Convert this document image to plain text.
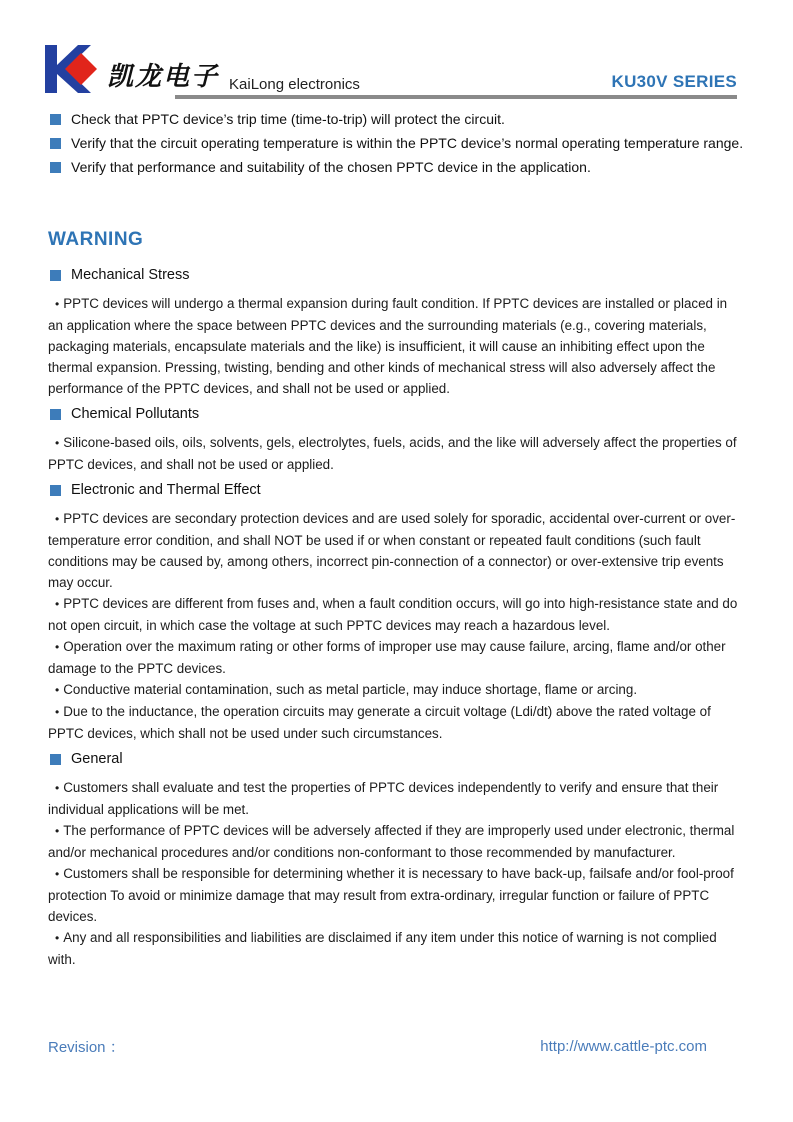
凯龙电子 KaiLong electronics	KU30V SERIES
Check that PPTC device’s trip time (time-to-trip) will protect the circuit.
Verify that the circuit operating temperature is within the PPTC device’s normal operating temperature range.
Verify that performance and suitability of the chosen PPTC device in the application.
WARNING
Mechanical Stress

• PPTC devices will undergo a thermal expansion during fault condition. If PPTC devices are installed or placed in an application where the space between PPTC devices and the surrounding materials (e.g., covering materials, packaging materials, encapsulate materials and the like) is insufficient, it will cause an inhibiting effect upon the thermal expansion. Pressing, twisting, bending and other kinds of mechanical stress will also adversely affect the performance of the PPTC devices, and shall not be used or applied.

Chemical Pollutants

• Silicone-based oils, oils, solvents, gels, electrolytes, fuels, acids, and the like will adversely affect the properties of PPTC devices, and shall not be used or applied.

Electronic and Thermal Effect

• PPTC devices are secondary protection devices and are used solely for sporadic, accidental over-current or over-temperature error condition, and shall NOT be used if or when constant or repeated fault conditions (such fault conditions may be caused by, among others, incorrect pin-connection of a connector) or over-extensive trip events may occur.

• PPTC devices are different from fuses and, when a fault condition occurs, will go into high-resistance state and do not open circuit, in which case the voltage at such PPTC devices may reach a hazardous level.

• Operation over the maximum rating or other forms of improper use may cause failure, arcing, flame and/or other damage to the PPTC devices.

• Conductive material contamination, such as metal particle, may induce shortage, flame or arcing.

• Due to the inductance, the operation circuits may generate a circuit voltage (Ldi/dt) above the rated voltage of PPTC devices, which shall not be used under such circumstances.

General

• Customers shall evaluate and test the properties of PPTC devices independently to verify and ensure that their individual applications will be met.

• The performance of PPTC devices will be adversely affected if they are improperly used under electronic, thermal and/or mechanical procedures and/or conditions non-conformant to those recommended by manufacturer.

• Customers shall be responsible for determining whether it is necessary to have back-up, failsafe and/or fool-proof protection To avoid or minimize damage that may result from extra-ordinary, irregular function or failure of PPTC devices.

• Any and all responsibilities and liabilities are disclaimed if any item under this notice of warning is not complied with.

Revision ：	http://www.cattle-ptc.com
